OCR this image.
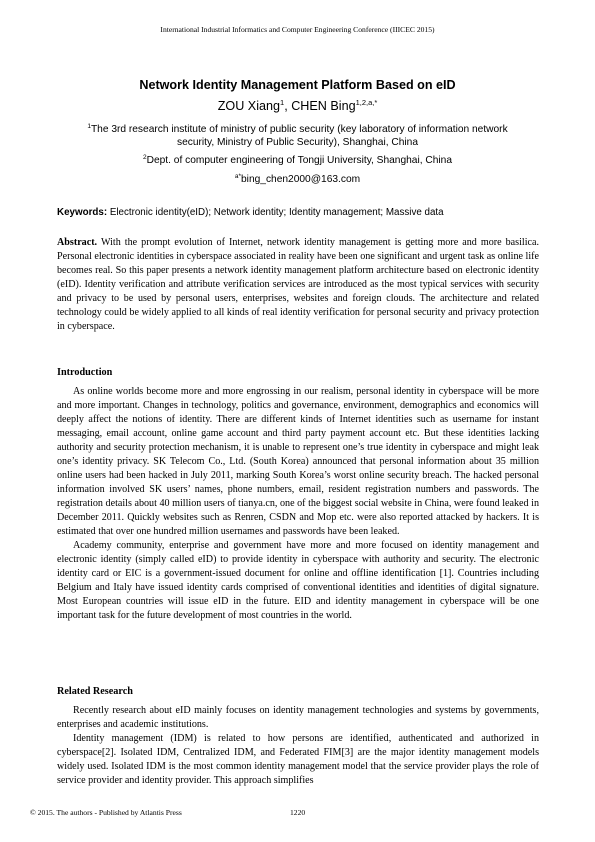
International Industrial Informatics and Computer Engineering Conference (IIICEC 2015)
Network Identity Management Platform Based on eID
ZOU Xiang$^1$, CHEN Bing$^{1,2,a,*}$
$^1$The 3rd research institute of ministry of public security (key laboratory of information network security, Ministry of Public Security), Shanghai, China
$^2$Dept. of computer engineering of Tongji University, Shanghai, China
$^{a*}$bing_chen2000@163.com
Keywords: Electronic identity(eID); Network identity; Identity management; Massive data
Abstract. With the prompt evolution of Internet, network identity management is getting more and more basilica. Personal electronic identities in cyberspace associated in reality have been one significant and urgent task as online life becomes real. So this paper presents a network identity management platform architecture based on electronic identity (eID). Identity verification and attribute verification services are introduced as the most typical services with security and privacy to be used by personal users, enterprises, websites and foreign clouds. The architecture and related technology could be widely applied to all kinds of real identity verification for personal security and privacy protection in cyberspace.
Introduction

As online worlds become more and more engrossing in our realism, personal identity in cyberspace will be more and more important. Changes in technology, politics and governance, environment, demographics and economics will deeply affect the notions of identity. There are different kinds of Internet identities such as username for instant messaging, email account, online game account and third party payment account etc. But these identities lacking authority and security protection mechanism, it is unable to represent one’s true identity in cyberspace and might leak one’s identity privacy. SK Telecom Co., Ltd. (South Korea) announced that personal information about 35 million online users had been hacked in July 2011, marking South Korea’s worst online security breach. The hacked personal information involved SK users’ names, phone numbers, email, resident registration numbers and passwords. The registration details about 40 million users of tianya.cn, one of the biggest social website in China, were found leaked in December 2011. Quickly websites such as Renren, CSDN and Mop etc. were also reported attacked by hackers. It is estimated that over one hundred million usernames and passwords have been leaked.

Academy community, enterprise and government have more and more focused on identity management and electronic identity (simply called eID) to provide identity in cyberspace with authority and security. The electronic identity card or EIC is a government-issued document for online and offline identification [1]. Countries including Belgium and Italy have issued identity cards comprised of conventional identities and identities of digital signature. Most European countries will issue eID in the future. EID and identity management in cyberspace will be one important task for the future development of most countries in the world.

Related Research

Recently research about eID mainly focuses on identity management technologies and systems by governments, enterprises and academic institutions.

Identity management (IDM) is related to how persons are identified, authenticated and authorized in cyberspace[2]. Isolated IDM, Centralized IDM, and Federated FIM[3] are the major identity management models widely used. Isolated IDM is the most common identity management model that the service provider plays the role of service provider and identity provider. This approach simplifies

© 2015. The authors - Published by Atlantis Press	1220
